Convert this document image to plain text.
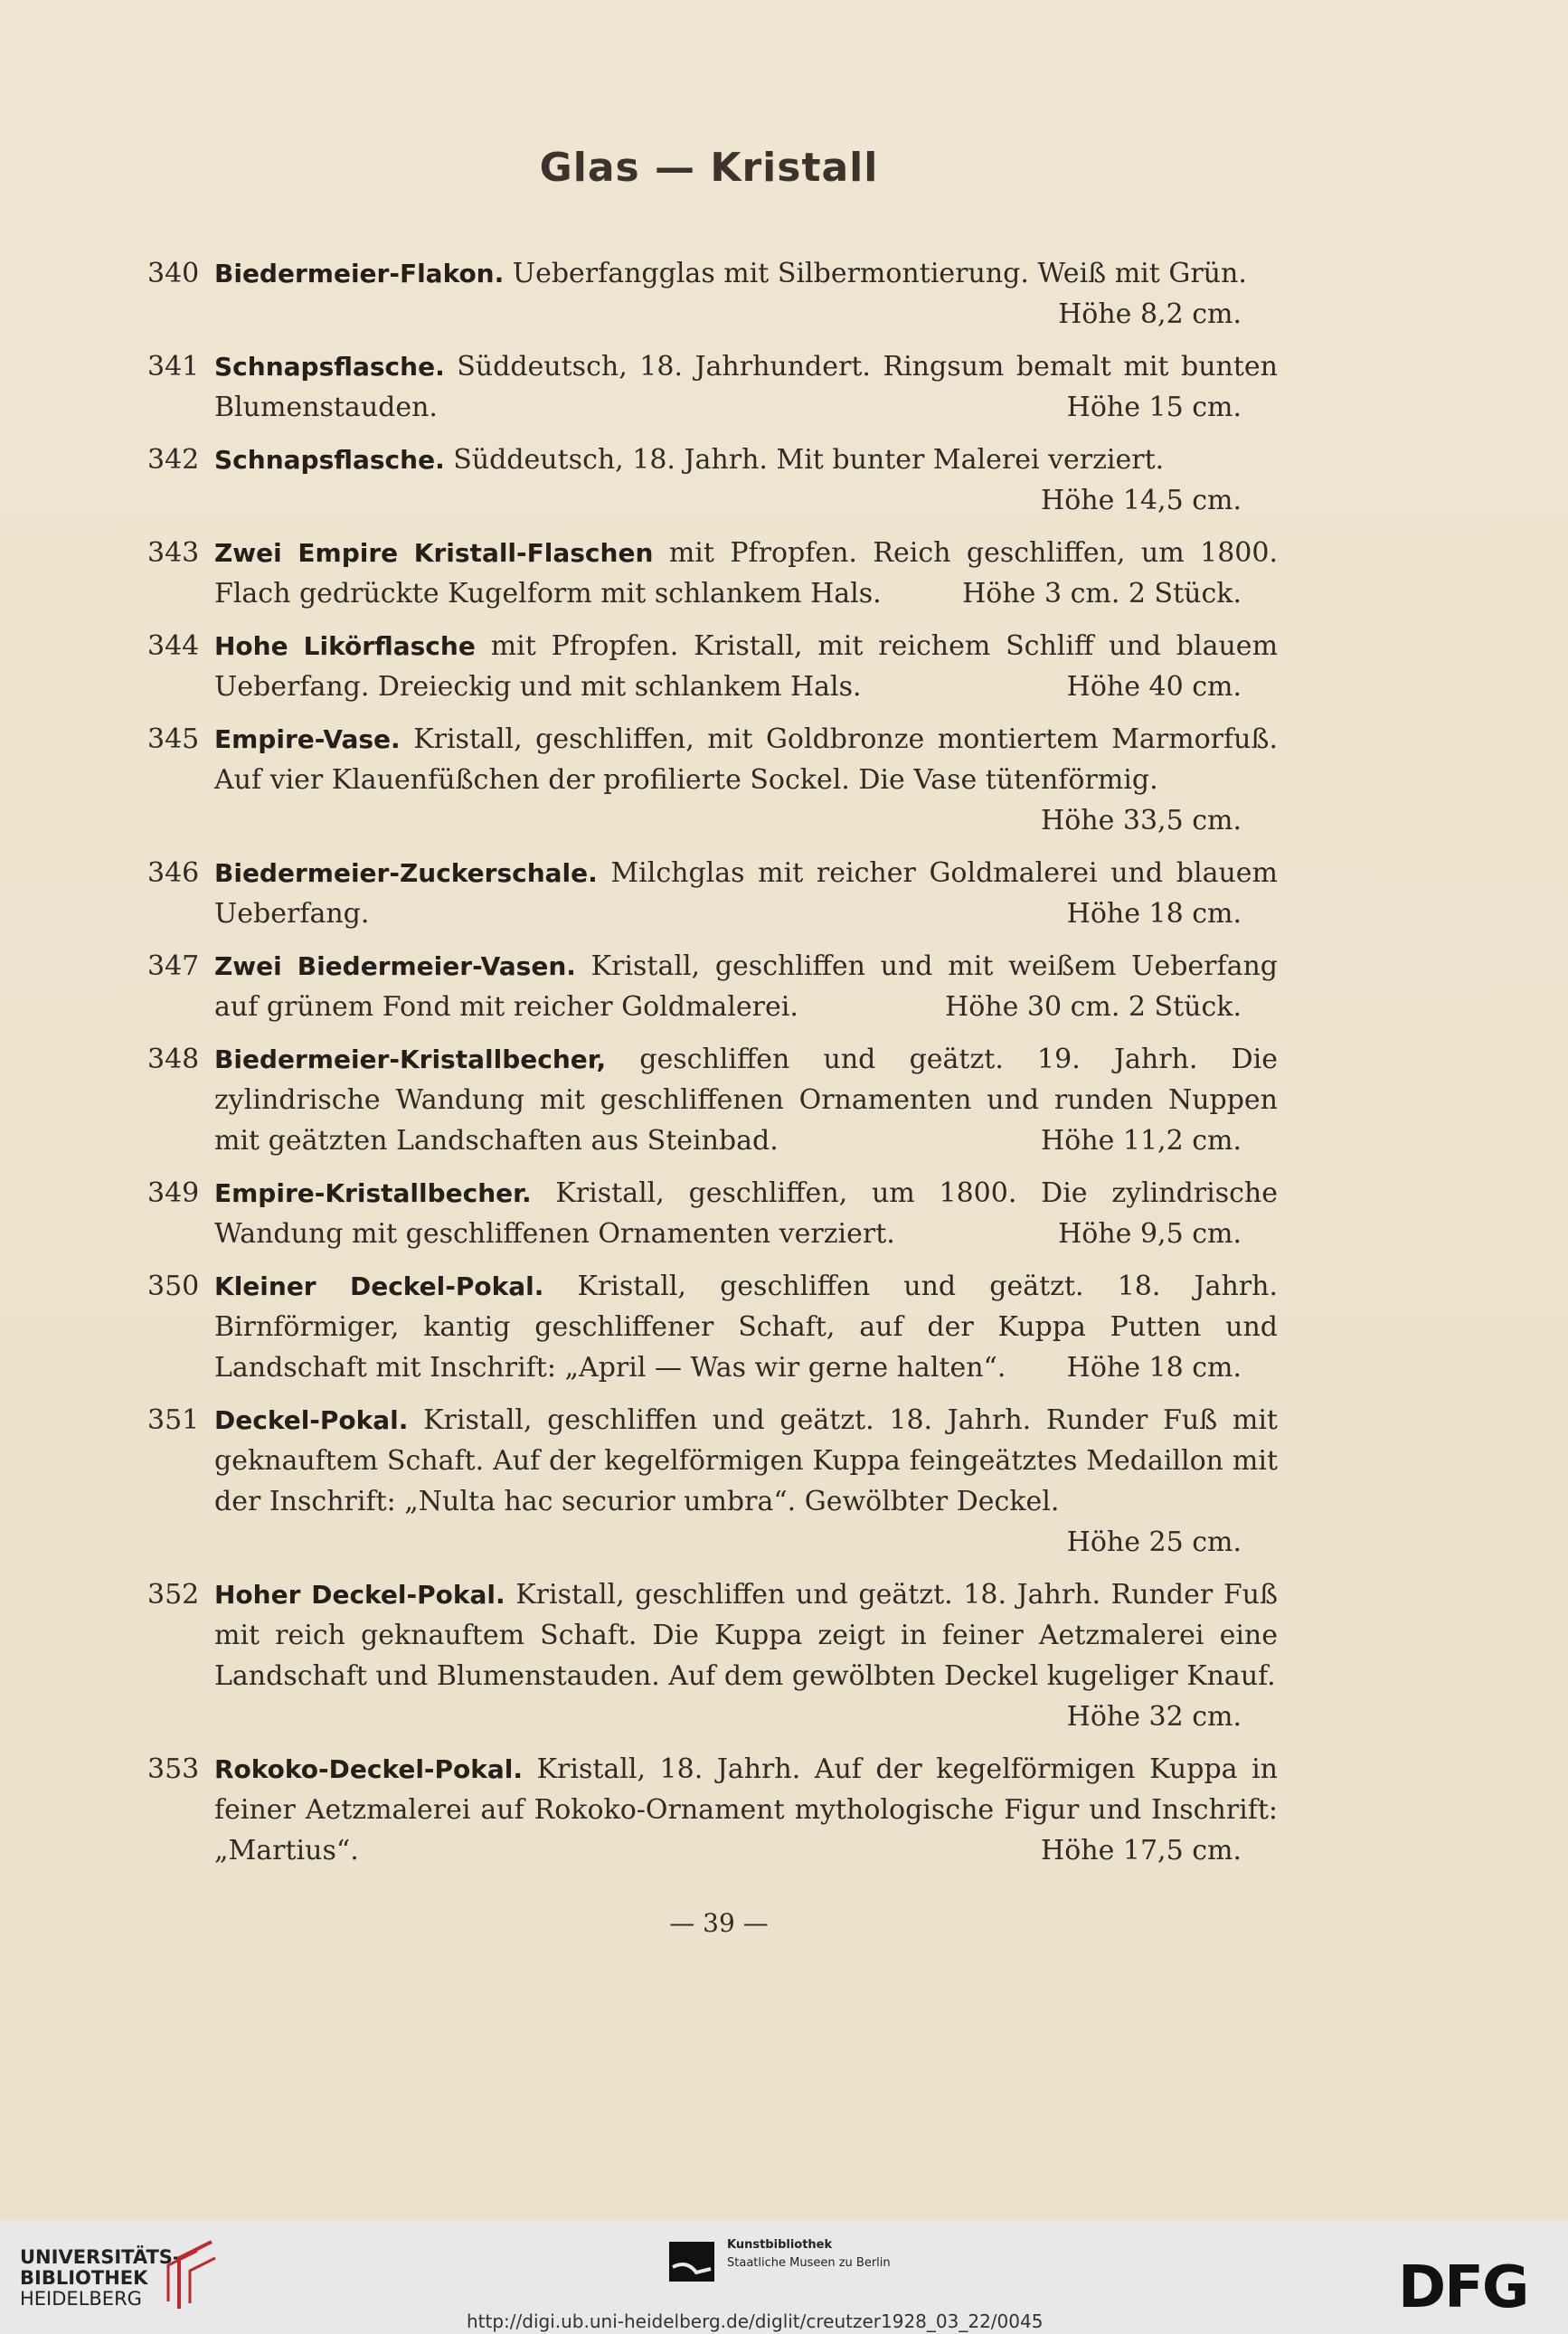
Glas — Kristall
340 Biedermeier-Flakon. Ueberfangglas mit Silbermontierung. Weiß mit Grün.
Höhe 8,2 cm.
341 Schnapsflasche. Süddeutsch, 18. Jahrhundert. Ringsum bemalt mit bunten Blumenstauden.	Höhe 15 cm.
342 Schnapsflasche. Süddeutsch, 18. Jahrh. Mit bunter Malerei verziert.
Höhe 14,5 cm.
343 Zwei Empire Kristall-Flaschen mit Pfropfen. Reich geschliffen, um 1800. Flach gedrückte Kugelform mit schlankem Hals.	Höhe 3 cm. 2 Stück.
344 Hohe Likörflasche mit Pfropfen. Kristall, mit reichem Schliff und blauem Ueberfang. Dreieckig und mit schlankem Hals.	Höhe 40 cm.
345 Empire-Vase. Kristall, geschliffen, mit Goldbronze montiertem Marmorfuß. Auf vier Klauenfüßchen der profilierte Sockel. Die Vase tütenförmig.
Höhe 33,5 cm.
346 Biedermeier-Zuckerschale. Milchglas mit reicher Goldmalerei und blauem Ueberfang.	Höhe 18 cm.
347 Zwei Biedermeier-Vasen. Kristall, geschliffen und mit weißem Ueberfang auf grünem Fond mit reicher Goldmalerei.	Höhe 30 cm. 2 Stück.
348 Biedermeier-Kristallbecher, geschliffen und geätzt. 19. Jahrh. Die zylindrische Wandung mit geschliffenen Ornamenten und runden Nuppen mit geätzten Landschaften aus Steinbad.	Höhe 11,2 cm.
349 Empire-Kristallbecher. Kristall, geschliffen, um 1800. Die zylindrische Wandung mit geschliffenen Ornamenten verziert.	Höhe 9,5 cm.
350 Kleiner Deckel-Pokal. Kristall, geschliffen und geätzt. 18. Jahrh. Birnförmiger, kantig geschliffener Schaft, auf der Kuppa Putten und Landschaft mit Inschrift: „April — Was wir gerne halten“.	Höhe 18 cm.
351 Deckel-Pokal. Kristall, geschliffen und geätzt. 18. Jahrh. Runder Fuß mit geknauftem Schaft. Auf der kegelförmigen Kuppa feingeätztes Medaillon mit der Inschrift: „Nulta hac securior umbra“. Gewölbter Deckel.
Höhe 25 cm.
352 Hoher Deckel-Pokal. Kristall, geschliffen und geätzt. 18. Jahrh. Runder Fuß mit reich geknauftem Schaft. Die Kuppa zeigt in feiner Aetzmalerei eine Landschaft und Blumenstauden. Auf dem gewölbten Deckel kugeliger Knauf.
Höhe 32 cm.
353 Rokoko-Deckel-Pokal. Kristall, 18. Jahrh. Auf der kegelförmigen Kuppa in feiner Aetzmalerei auf Rokoko-Ornament mythologische Figur und Inschrift: „Martius“.	Höhe 17,5 cm.
— 39 —
UNIVERSITÄTS-
BIBLIOTHEK
HEIDELBERG
Kunstbibliothek
Staatliche Museen zu Berlin	DFG
http://digi.ub.uni-heidelberg.de/diglit/creutzer1928_03_22/0045
